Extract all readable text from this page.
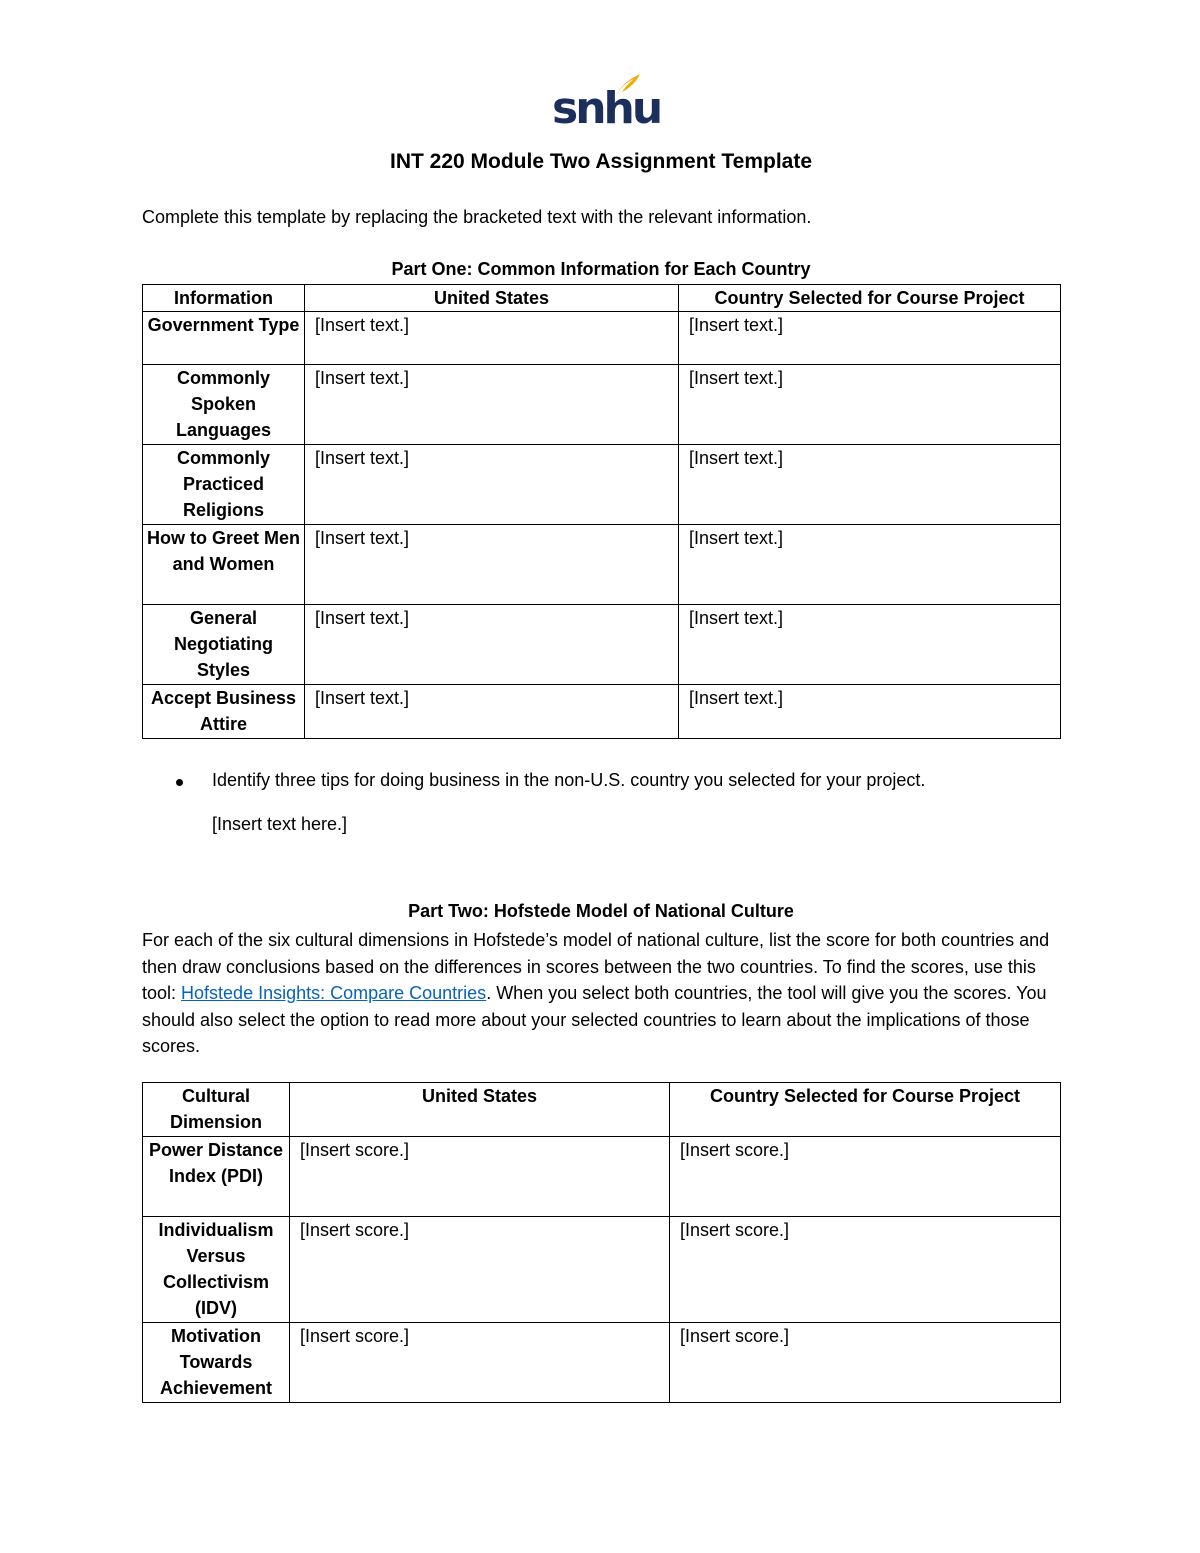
snhu
INT 220 Module Two Assignment Template
Complete this template by replacing the bracketed text with the relevant information.
Part One: Common Information for Each Country
Information	United States	Country Selected for Course Project
Government Type	[Insert text.]	[Insert text.]
Commonly Spoken Languages	[Insert text.]	[Insert text.]
Commonly Practiced Religions	[Insert text.]	[Insert text.]
How to Greet Men and Women	[Insert text.]	[Insert text.]
General Negotiating Styles	[Insert text.]	[Insert text.]
Accept Business Attire	[Insert text.]	[Insert text.]
Identify three tips for doing business in the non-U.S. country you selected for your project.
[Insert text here.]
Part Two: Hofstede Model of National Culture
For each of the six cultural dimensions in Hofstede’s model of national culture, list the score for both countries and then draw conclusions based on the differences in scores between the two countries. To find the scores, use this tool: Hofstede Insights: Compare Countries. When you select both countries, the tool will give you the scores. You should also select the option to read more about your selected countries to learn about the implications of those scores.
Cultural Dimension	United States	Country Selected for Course Project
Power Distance Index (PDI)	[Insert score.]	[Insert score.]
Individualism Versus Collectivism (IDV)	[Insert score.]	[Insert score.]
Motivation Towards Achievement	[Insert score.]	[Insert score.]
